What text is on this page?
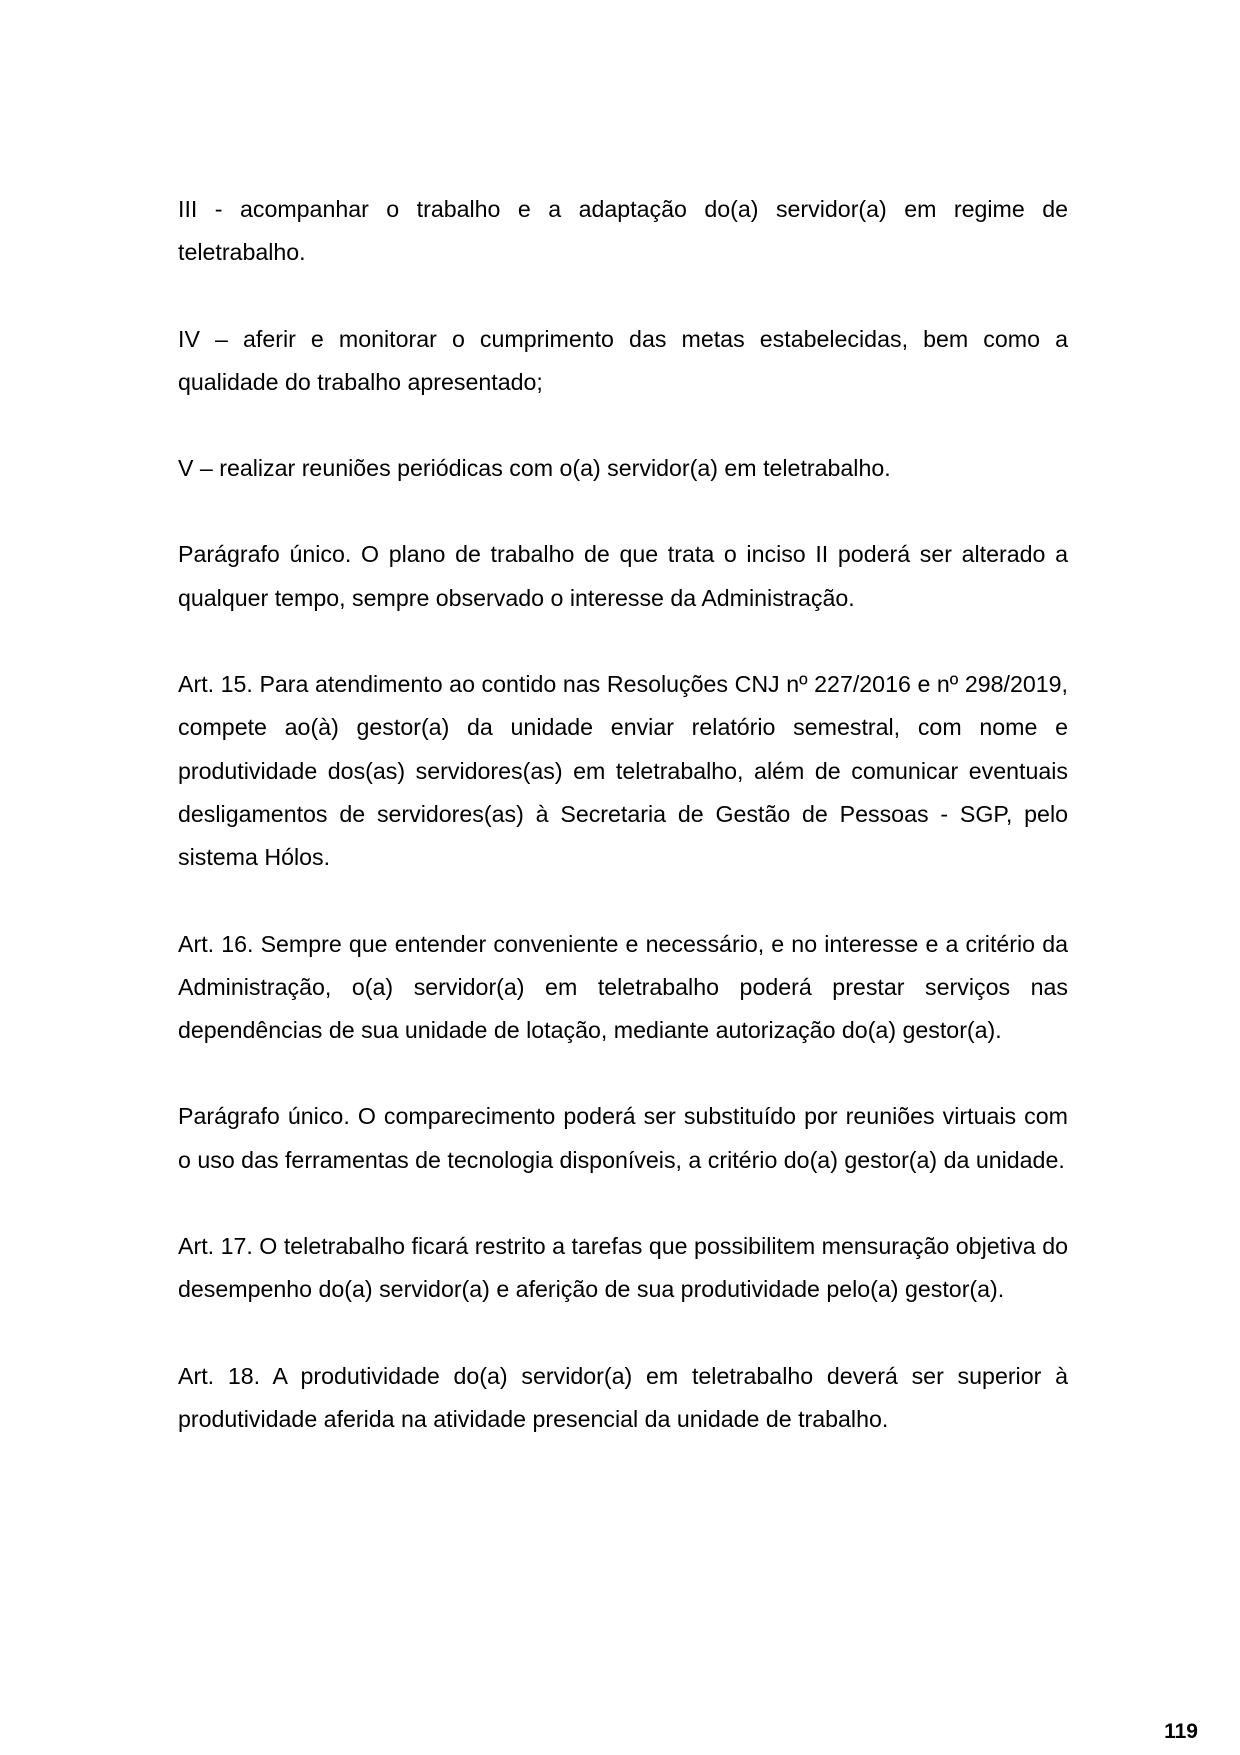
III - acompanhar o trabalho e a adaptação do(a) servidor(a) em regime de teletrabalho.

IV – aferir e monitorar o cumprimento das metas estabelecidas, bem como a qualidade do trabalho apresentado;

V – realizar reuniões periódicas com o(a) servidor(a) em teletrabalho.

Parágrafo único. O plano de trabalho de que trata o inciso II poderá ser alterado a qualquer tempo, sempre observado o interesse da Administração.

Art. 15. Para atendimento ao contido nas Resoluções CNJ nº 227/2016 e nº 298/2019, compete ao(à) gestor(a) da unidade enviar relatório semestral, com nome e produtividade dos(as) servidores(as) em teletrabalho, além de comunicar eventuais desligamentos de servidores(as) à Secretaria de Gestão de Pessoas - SGP, pelo sistema Hólos.

Art. 16. Sempre que entender conveniente e necessário, e no interesse e a critério da Administração, o(a) servidor(a) em teletrabalho poderá prestar serviços nas dependências de sua unidade de lotação, mediante autorização do(a) gestor(a).

Parágrafo único. O comparecimento poderá ser substituído por reuniões virtuais com o uso das ferramentas de tecnologia disponíveis, a critério do(a) gestor(a) da unidade.

Art. 17. O teletrabalho ficará restrito a tarefas que possibilitem mensuração objetiva do desempenho do(a) servidor(a) e aferição de sua produtividade pelo(a) gestor(a).

Art. 18. A produtividade do(a) servidor(a) em teletrabalho deverá ser superior à produtividade aferida na atividade presencial da unidade de trabalho.

119
